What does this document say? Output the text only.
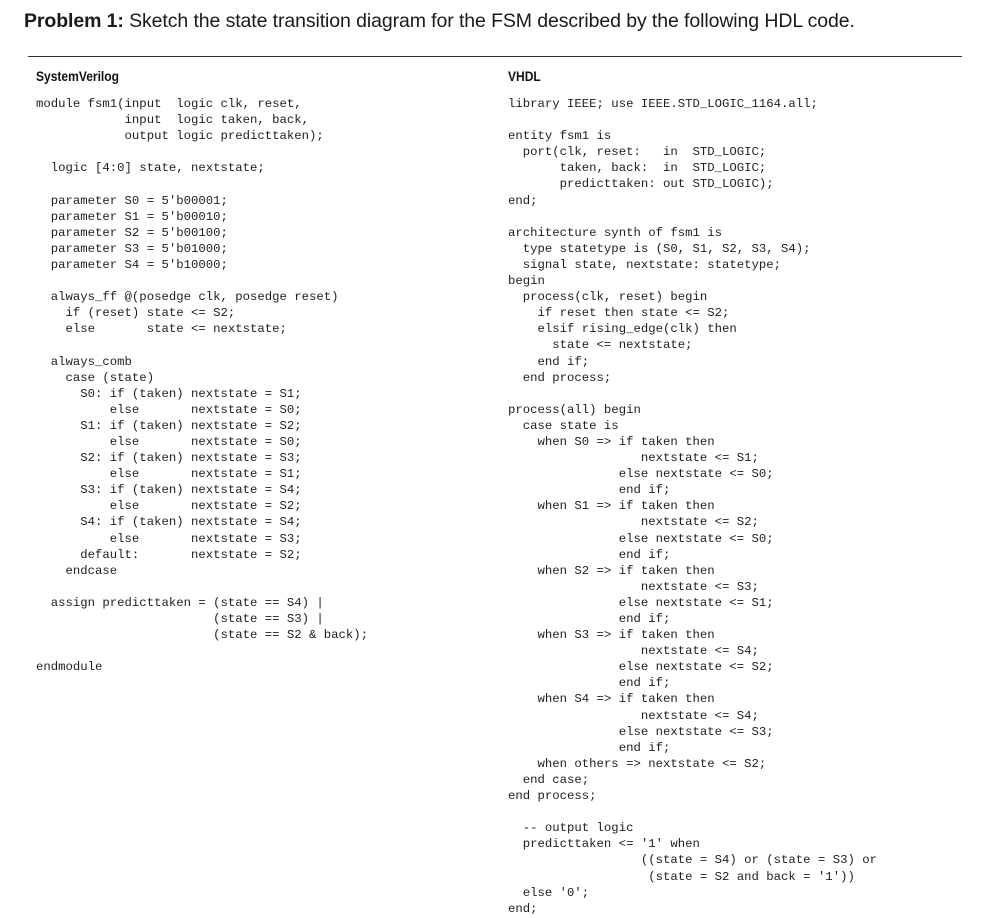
Problem 1: Sketch the state transition diagram for the FSM described by the following HDL code.
SystemVerilog
module fsm1(input  logic clk, reset,
input  logic taken, back,
output logic predicttaken);

logic [4:0] state, nextstate;

parameter S0 = 5'b00001;
parameter S1 = 5'b00010;
parameter S2 = 5'b00100;
parameter S3 = 5'b01000;
parameter S4 = 5'b10000;

always_ff @(posedge clk, posedge reset)
if (reset) state <= S2;
else       state <= nextstate;

always_comb
case (state)
S0: if (taken) nextstate = S1;
else       nextstate = S0;
S1: if (taken) nextstate = S2;
else       nextstate = S0;
S2: if (taken) nextstate = S3;
else       nextstate = S1;
S3: if (taken) nextstate = S4;
else       nextstate = S2;
S4: if (taken) nextstate = S4;
else       nextstate = S3;
default:       nextstate = S2;
endcase

assign predicttaken = (state == S4) |
(state == S3) |
(state == S2 & back);

endmodule
VHDL
library IEEE; use IEEE.STD_LOGIC_1164.all;

entity fsm1 is
port(clk, reset:   in  STD_LOGIC;
taken, back:  in  STD_LOGIC;
predicttaken: out STD_LOGIC);
end;

architecture synth of fsm1 is
type statetype is (S0, S1, S2, S3, S4);
signal state, nextstate: statetype;
begin
process(clk, reset) begin
if reset then state <= S2;
elsif rising_edge(clk) then
state <= nextstate;
end if;
end process;

process(all) begin
case state is
when S0 => if taken then
nextstate <= S1;
else nextstate <= S0;
end if;
when S1 => if taken then
nextstate <= S2;
else nextstate <= S0;
end if;
when S2 => if taken then
nextstate <= S3;
else nextstate <= S1;
end if;
when S3 => if taken then
nextstate <= S4;
else nextstate <= S2;
end if;
when S4 => if taken then
nextstate <= S4;
else nextstate <= S3;
end if;
when others => nextstate <= S2;
end case;
end process;

-- output logic
predicttaken <= '1' when
((state = S4) or (state = S3) or
(state = S2 and back = '1'))
else '0';
end;
